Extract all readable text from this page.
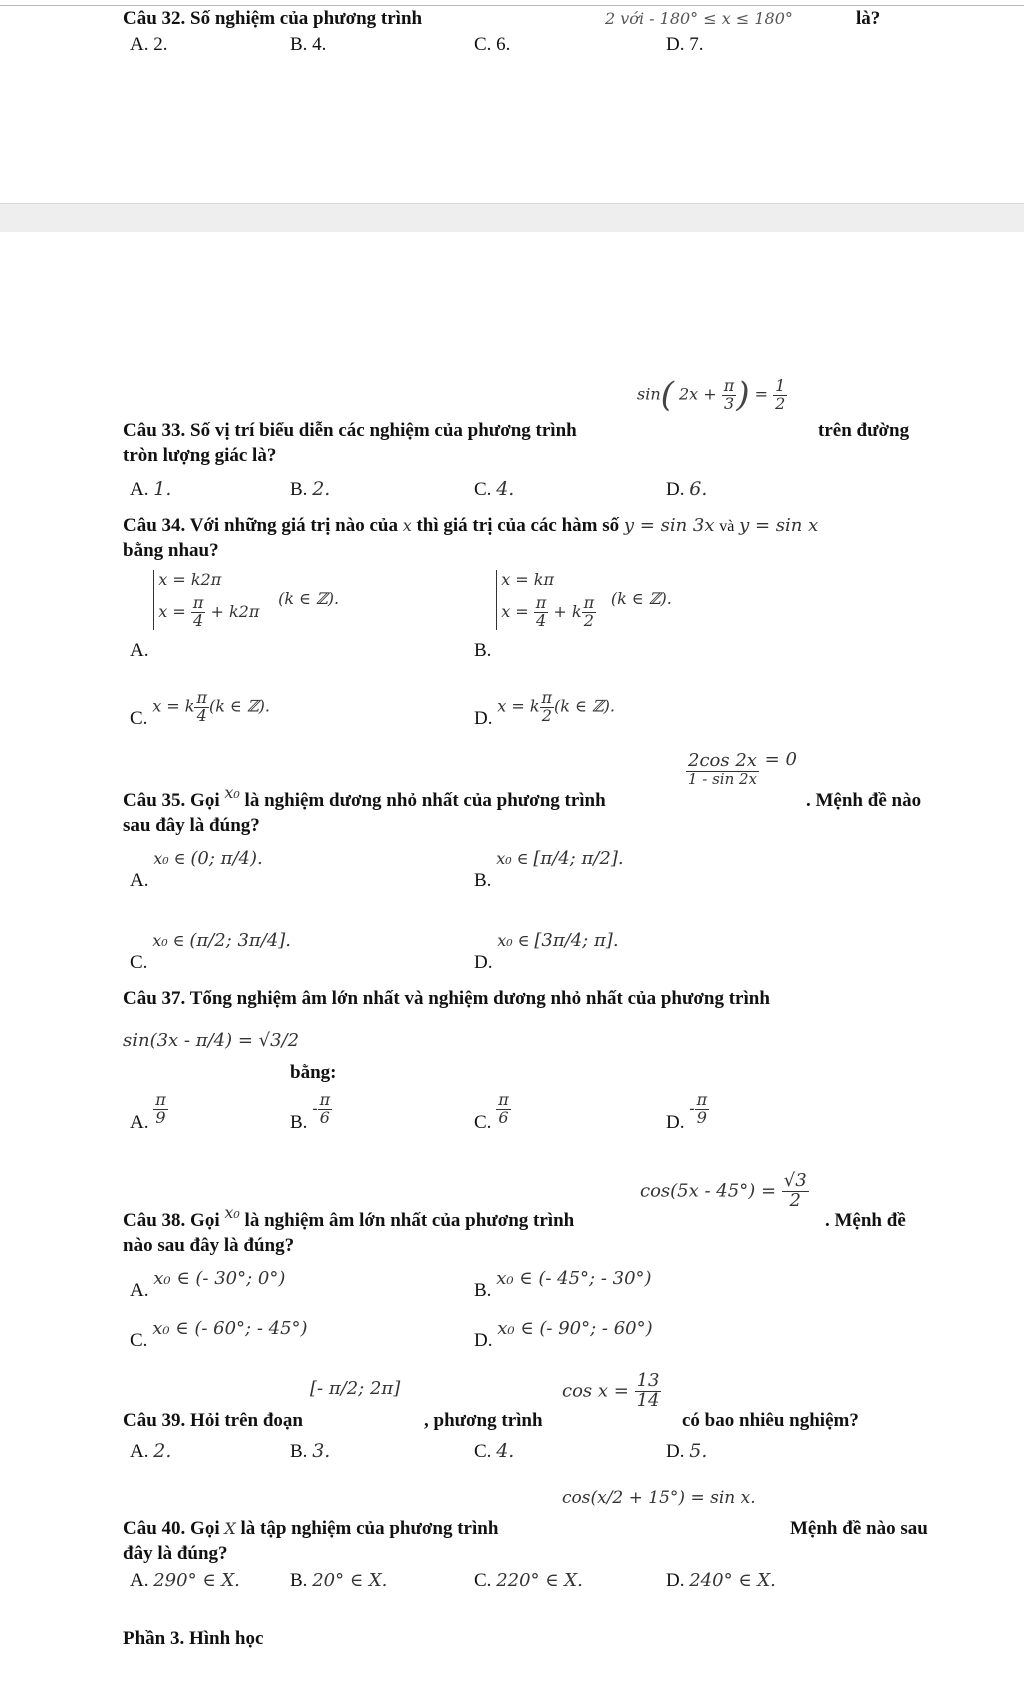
Câu 32. Số nghiệm của phương trình	2 với - 180° ≤ x ≤ 180°	là?
A. 2.	B. 4.	C. 6.	D. 7.
Câu 33. Số vị trí biểu diễn các nghiệm của phương trình
sin( $2x + \frac{\pi}{3}$ ) = $\frac{1}{2}$
trên đường
tròn lượng giác là?
A. 1.	B. 2.	C. 4.	D. 6.
Câu 34. Với những giá trị nào của x thì giá trị của các hàm số y = sin 3x và y = sin x
bằng nhau?
A.
x = k2π
$x = \frac{\pi}{4} + k2\pi$
(k ∈ ℤ).
B.
x = kπ
$x = \frac{\pi}{4} + k \frac{\pi}{2} (k$ ∈ ℤ).
C. x = k $\frac{\pi}{4} (k$ ∈ ℤ).
D. x = k $\frac{\pi}{2} (k$ ∈ ℤ).
Câu 35. Gọi $^{x_0}$ là nghiệm dương nhỏ nhất của phương trình
$\frac{2\cos 2x}{1 - \sin 2x} = 0$
. Mệnh đề nào
sau đây là đúng?
A. x₀ ∈ (0; π/4).
B. x₀ ∈ [π/4; π/2].
C. x₀ ∈ (π/2; 3π/4].
D. x₀ ∈ [3π/4; π].
Câu 37. Tổng nghiệm âm lớn nhất và nghiệm dương nhỏ nhất của phương trình
sin(3x - π/4) = √3/2
bằng:
A. $\frac{\pi}{9}$	B. - $\frac{\pi}{6}$	C. $\frac{\pi}{6}$	D. - $\frac{\pi}{9}$
Câu 38. Gọi $^{x_0}$ là nghiệm âm lớn nhất của phương trình
$\cos(5x - 45^\circ) = \frac{√3}{2}$
. Mệnh đề
nào sau đây là đúng?
A. x₀ ∈ (- 30°; 0°)
B. x₀ ∈ (- 45°; - 30°)
C. x₀ ∈ (- 60°; - 45°)
D. x₀ ∈ (- 90°; - 60°)
Câu 39. Hỏi trên đoạn
[- π/2; 2π]
, phương trình
$\cos x = \frac{13}{14}$
có bao nhiêu nghiệm?
A. 2.	B. 3.	C. 4.	D. 5.
Câu 40. Gọi X là tập nghiệm của phương trình
cos(x/2 + 15°) = sin x.
Mệnh đề nào sau
đây là đúng?
A. 290° ∈ X.	B. 20° ∈ X.	C. 220° ∈ X.	D. 240° ∈ X.
Phần 3. Hình học
